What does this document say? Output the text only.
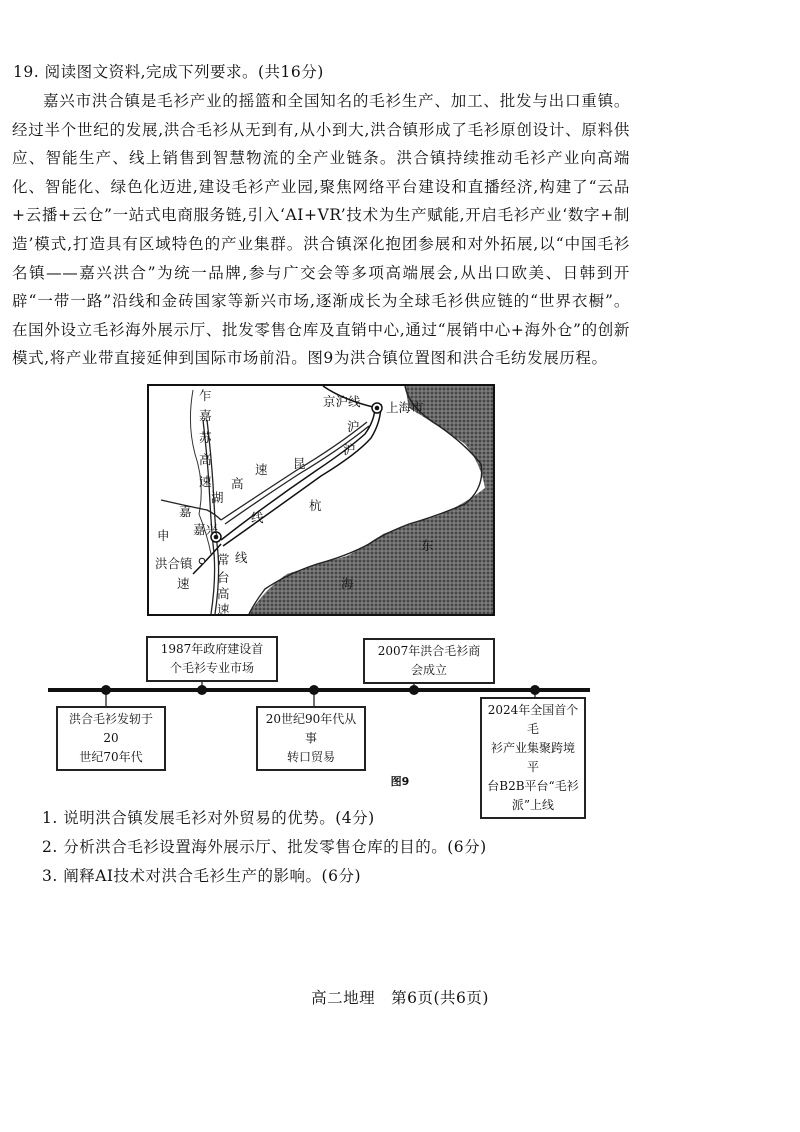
19. 阅读图文资料,完成下列要求。(共16分)

嘉兴市洪合镇是毛衫产业的摇篮和全国知名的毛衫生产、加工、批发与出口重镇。经过半个世纪的发展,洪合毛衫从无到有,从小到大,洪合镇形成了毛衫原创设计、原料供应、智能生产、线上销售到智慧物流的全产业链条。洪合镇持续推动毛衫产业向高端化、智能化、绿色化迈进,建设毛衫产业园,聚焦网络平台建设和直播经济,构建了“云品+云播+云仓”一站式电商服务链,引入‘AI+VR’技术为生产赋能,开启毛衫产业‘数字+制造’模式,打造具有区域特色的产业集群。洪合镇深化抱团参展和对外拓展,以“中国毛衫名镇——嘉兴洪合”为统一品牌,参与广交会等多项高端展会,从出口欧美、日韩到开辟“一带一路”沿线和金砖国家等新兴市场,逐渐成长为全球毛衫供应链的“世界衣橱”。在国外设立毛衫海外展示厅、批发零售仓库及直销中心,通过“展销中心+海外仓”的创新模式,将产业带直接延伸到国际市场前沿。图9为洪合镇位置图和洪合毛纺发展历程。

乍
嘉
苏
高
速
湖
高
速
京沪线 上海市
沪
沪
昆
杭
线
申
嘉
嘉兴
洪合镇
速
线
常
台
高
速
东
海
1987年政府建设首
个毛衫专业市场
2007年洪合毛衫商
会成立
洪合毛衫发轫于20
世纪70年代
20世纪90年代从事
转口贸易
2024年全国首个毛
衫产业集聚跨境平
台B2B平台“毛衫
派”上线
图9
1. 说明洪合镇发展毛衫对外贸易的优势。(4分)
2. 分析洪合毛衫设置海外展示厅、批发零售仓库的目的。(6分)
3. 阐释AI技术对洪合毛衫生产的影响。(6分)
高二地理　第6页(共6页)
